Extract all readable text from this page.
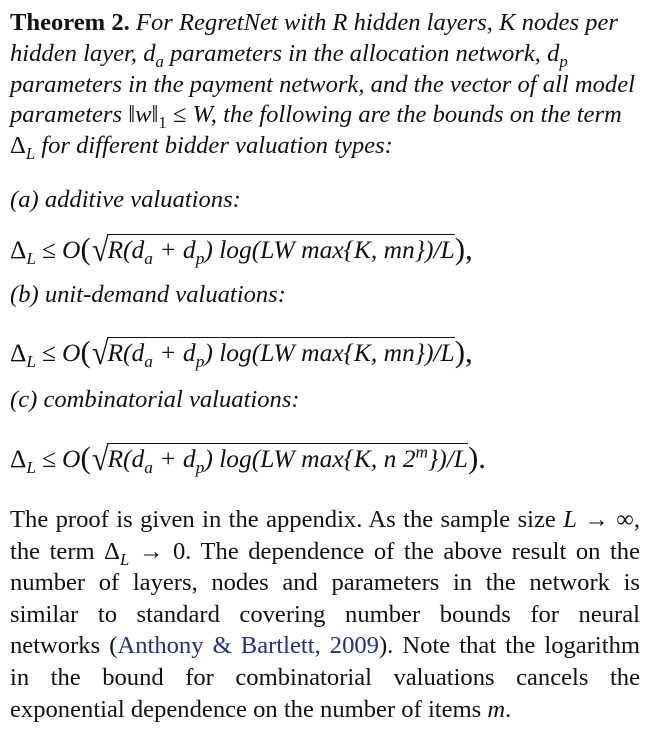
Theorem 2. For RegretNet with R hidden layers, K nodes per hidden layer, $d_a$ parameters in the allocation network, $d_p$ parameters in the payment network, and the vector of all model parameters $‖w‖_1 \le W$, the following are the bounds on the term $\Delta_L$ for different bidder valuation types:

(a) additive valuations:

$\Delta_L \le O(√R(d_a + d_p)$ log(LW max{K, mn})/L),

(b) unit-demand valuations:

$\Delta_L \le O(√R(d_a + d_p)$ log(LW max{K, mn})/L),

(c) combinatorial valuations:

$\Delta_L \le O(√R(d_a + d_p)$ log(LW max{K, n 2$^m$})/L).

The proof is given in the appendix. As the sample size L → ∞, the term $\Delta_L \to 0$. The dependence of the above result on the number of layers, nodes and parameters in the network is similar to standard covering number bounds for neural networks (Anthony & Bartlett, 2009). Note that the logarithm in the bound for combinatorial valuations cancels the exponential dependence on the number of items m.
